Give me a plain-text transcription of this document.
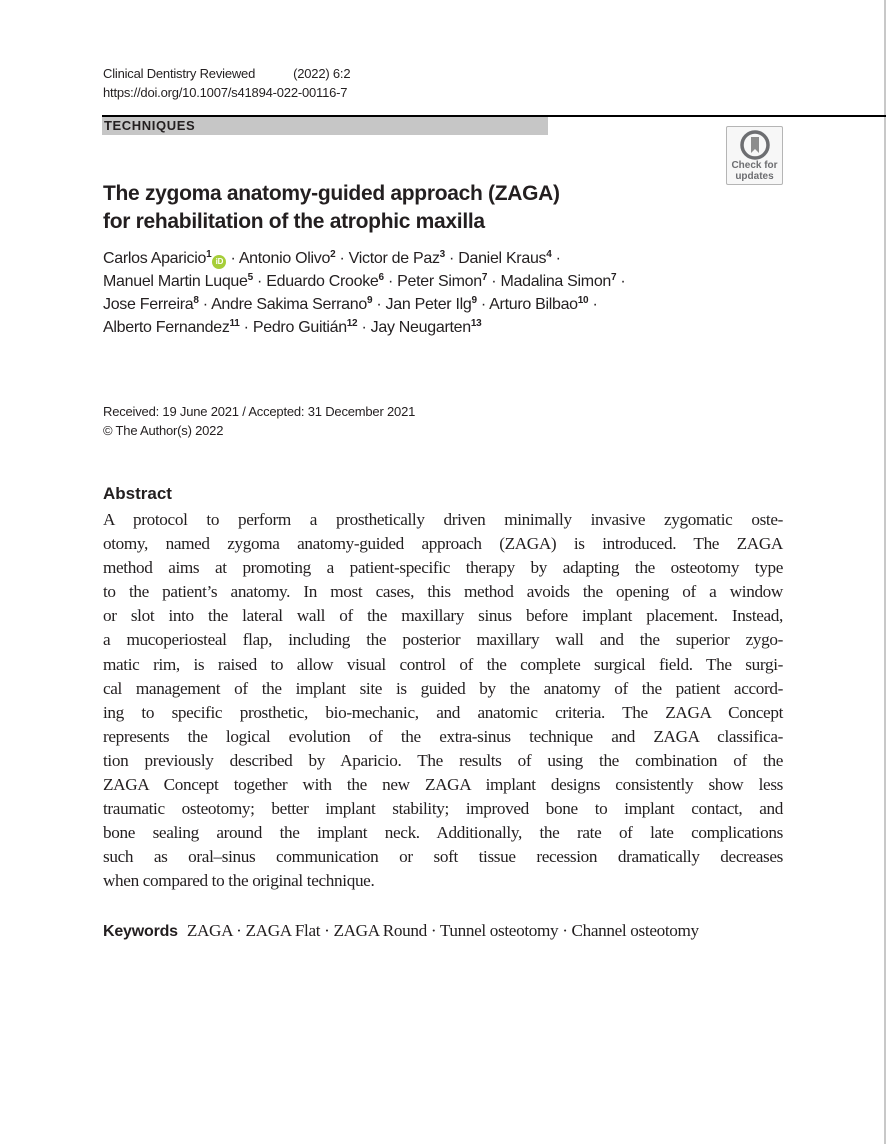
Clinical Dentistry Reviewed	(2022) 6:2
https://doi.org/10.1007/s41894-022-00116-7
TECHNIQUES
Check for
updates
The zygoma anatomy-guided approach (ZAGA)
for rehabilitation of the atrophic maxilla
Carlos Aparicio$^1$iD · Antonio Olivo$^2$ · Victor de Paz$^3$ · Daniel Kraus$^4$ ·
Manuel Martin Luque$^5$ · Eduardo Crooke$^6$ · Peter Simon$^7$ · Madalina Simon$^7$ ·
Jose Ferreira$^8$ · Andre Sakima Serrano$^9$ · Jan Peter Ilg$^9$ · Arturo Bilbao$^{10}$ ·
Alberto Fernandez$^{11}$ · Pedro Guitián$^{12}$ · Jay Neugarten$^{13}$
Received: 19 June 2021 / Accepted: 31 December 2021
© The Author(s) 2022
Abstract
A protocol to perform a prosthetically driven minimally invasive zygomatic oste-
otomy, named zygoma anatomy-guided approach (ZAGA) is introduced. The ZAGA
method aims at promoting a patient-specific therapy by adapting the osteotomy type
to the patient’s anatomy. In most cases, this method avoids the opening of a window
or slot into the lateral wall of the maxillary sinus before implant placement. Instead,
a mucoperiosteal flap, including the posterior maxillary wall and the superior zygo-
matic rim, is raised to allow visual control of the complete surgical field. The surgi-
cal management of the implant site is guided by the anatomy of the patient accord-
ing to specific prosthetic, bio-mechanic, and anatomic criteria. The ZAGA Concept
represents the logical evolution of the extra-sinus technique and ZAGA classifica-
tion previously described by Aparicio. The results of using the combination of the
ZAGA Concept together with the new ZAGA implant designs consistently show less
traumatic osteotomy; better implant stability; improved bone to implant contact, and
bone sealing around the implant neck. Additionally, the rate of late complications
such as oral–sinus communication or soft tissue recession dramatically decreases
when compared to the original technique.
Keywords ZAGA · ZAGA Flat · ZAGA Round · Tunnel osteotomy · Channel osteotomy
